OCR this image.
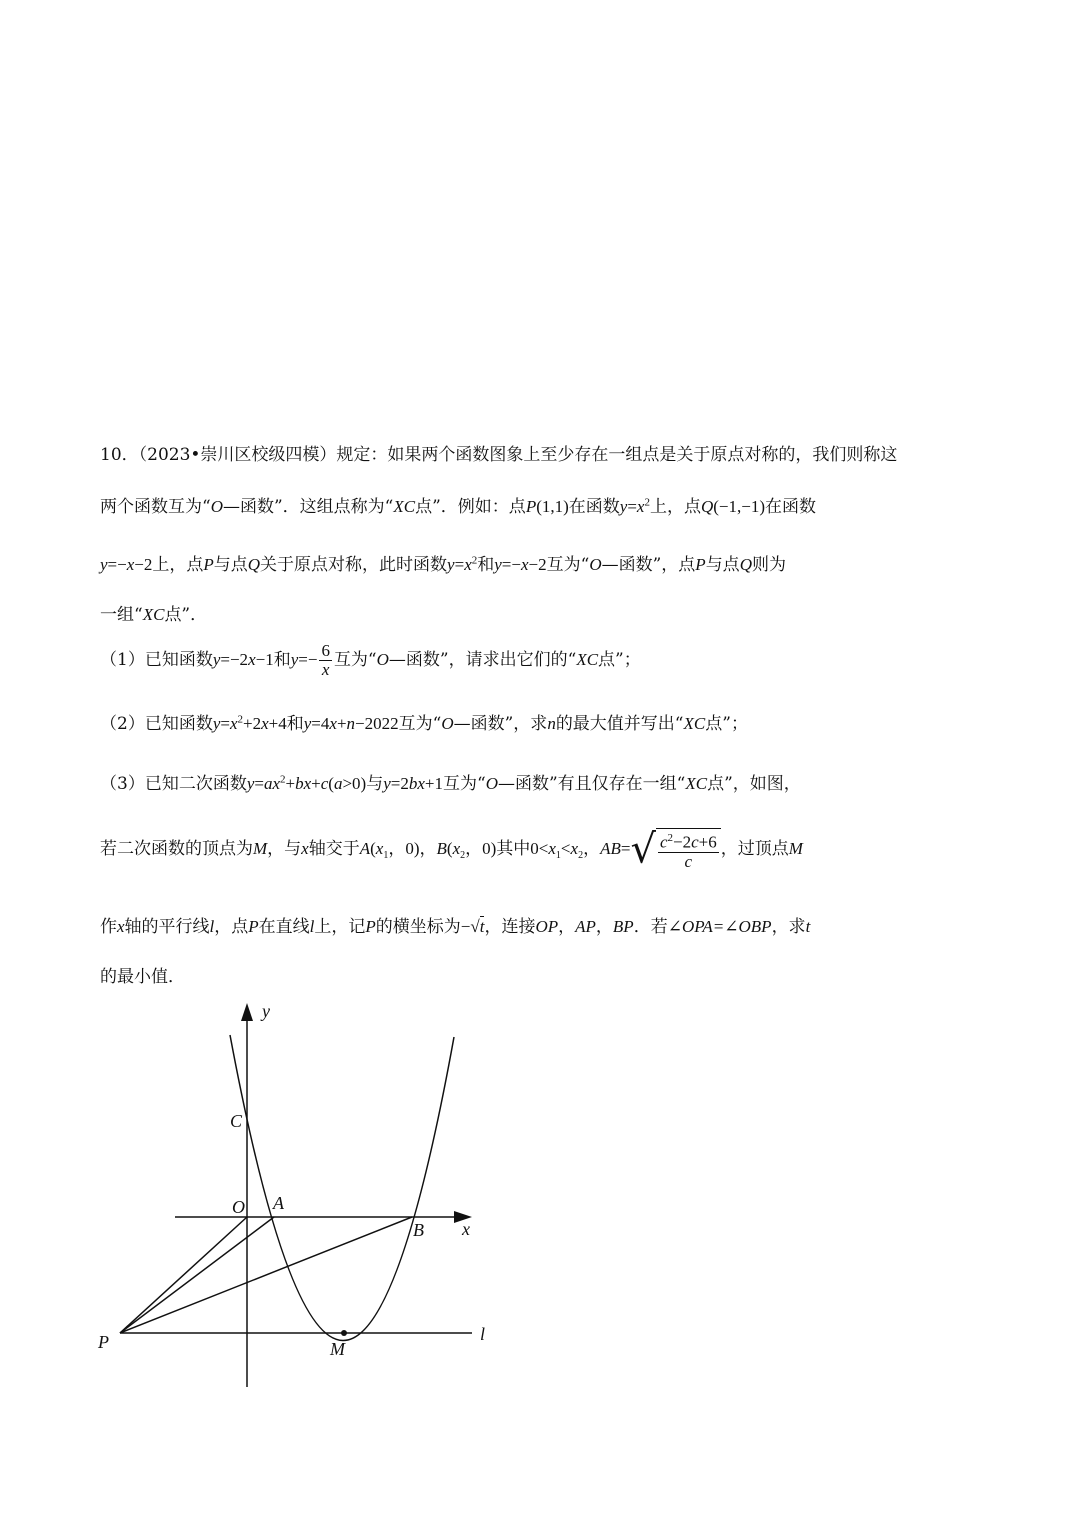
10．（2023•崇川区校级四模）规定：如果两个函数图象上至少存在一组点是关于原点对称的，我们则称这
两个函数互为“O—函数”．这组点称为“XC点”．例如：点P(1,1)在函数$y=x^2$上，点Q(−1,−1)在函数
y=−x−2上，点P与点Q关于原点对称，此时函数$y=x^2$和y=−x−2互为“O—函数”，点P与点Q则为
一组“XC点”．
（1）已知函数y=−2x−1和$y=- \frac{6}{x}$ 互为“O—函数”，请求出它们的“XC点”；
（2）已知函数$y=x^2+2x+4$和y=4x+n−2022互为“O—函数”，求n的最大值并写出“XC点”；
（3）已知二次函数$y=ax^2+bx+c(a>0)$与y=2bx+1互为“O—函数”有且仅存在一组“XC点”，如图，
若二次函数的顶点为M，与x轴交于$A(x_1$，0)，$B(x_2$，0)其中$0<x_1<x_2$，$AB=√ \frac{c^2-2c+6}{c}$ ，过顶点M
作x轴的平行线l，点P在直线l上，记P的横坐标为−√t，连接OP，AP，BP．若∠OPA=∠OBP，求t
的最小值．
y
x
C
O A
B
P	M
l
